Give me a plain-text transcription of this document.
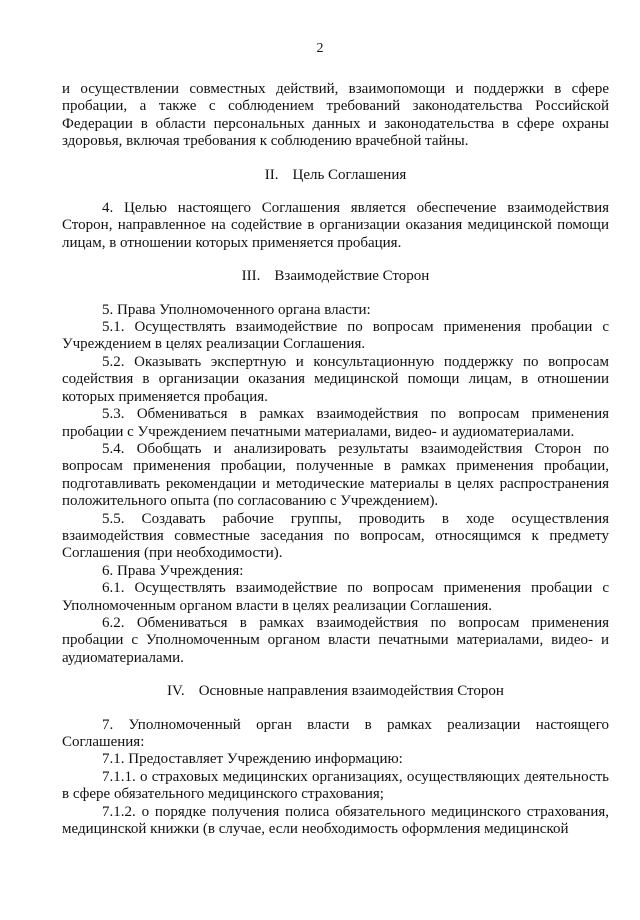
2

и осуществлении совместных действий, взаимопомощи и поддержки в сфере пробации, а также с соблюдением требований законодательства Российской Федерации в области персональных данных и законодательства в сфере охраны здоровья, включая требования к соблюдению врачебной тайны.

II. Цель Соглашения

4. Целью настоящего Соглашения является обеспечение взаимодействия Сторон, направленное на содействие в организации оказания медицинской помощи лицам, в отношении которых применяется пробация.

III. Взаимодействие Сторон

5. Права Уполномоченного органа власти:

5.1. Осуществлять взаимодействие по вопросам применения пробации с Учреждением в целях реализации Соглашения.

5.2. Оказывать экспертную и консультационную поддержку по вопросам содействия в организации оказания медицинской помощи лицам, в отношении которых применяется пробация.

5.3. Обмениваться в рамках взаимодействия по вопросам применения пробации с Учреждением печатными материалами, видео- и аудиоматериалами.

5.4. Обобщать и анализировать результаты взаимодействия Сторон по вопросам применения пробации, полученные в рамках применения пробации, подготавливать рекомендации и методические материалы в целях распространения положительного опыта (по согласованию с Учреждением).

5.5. Создавать рабочие группы, проводить в ходе осуществления взаимодействия совместные заседания по вопросам, относящимся к предмету Соглашения (при необходимости).

6. Права Учреждения:

6.1. Осуществлять взаимодействие по вопросам применения пробации с Уполномоченным органом власти в целях реализации Соглашения.

6.2. Обмениваться в рамках взаимодействия по вопросам применения пробации с Уполномоченным органом власти печатными материалами, видео- и аудиоматериалами.

IV. Основные направления взаимодействия Сторон

7. Уполномоченный орган власти в рамках реализации настоящего Соглашения:

7.1. Предоставляет Учреждению информацию:

7.1.1. о страховых медицинских организациях, осуществляющих деятельность в сфере обязательного медицинского страхования;

7.1.2. о порядке получения полиса обязательного медицинского страхования, медицинской книжки (в случае, если необходимость оформления медицинской
